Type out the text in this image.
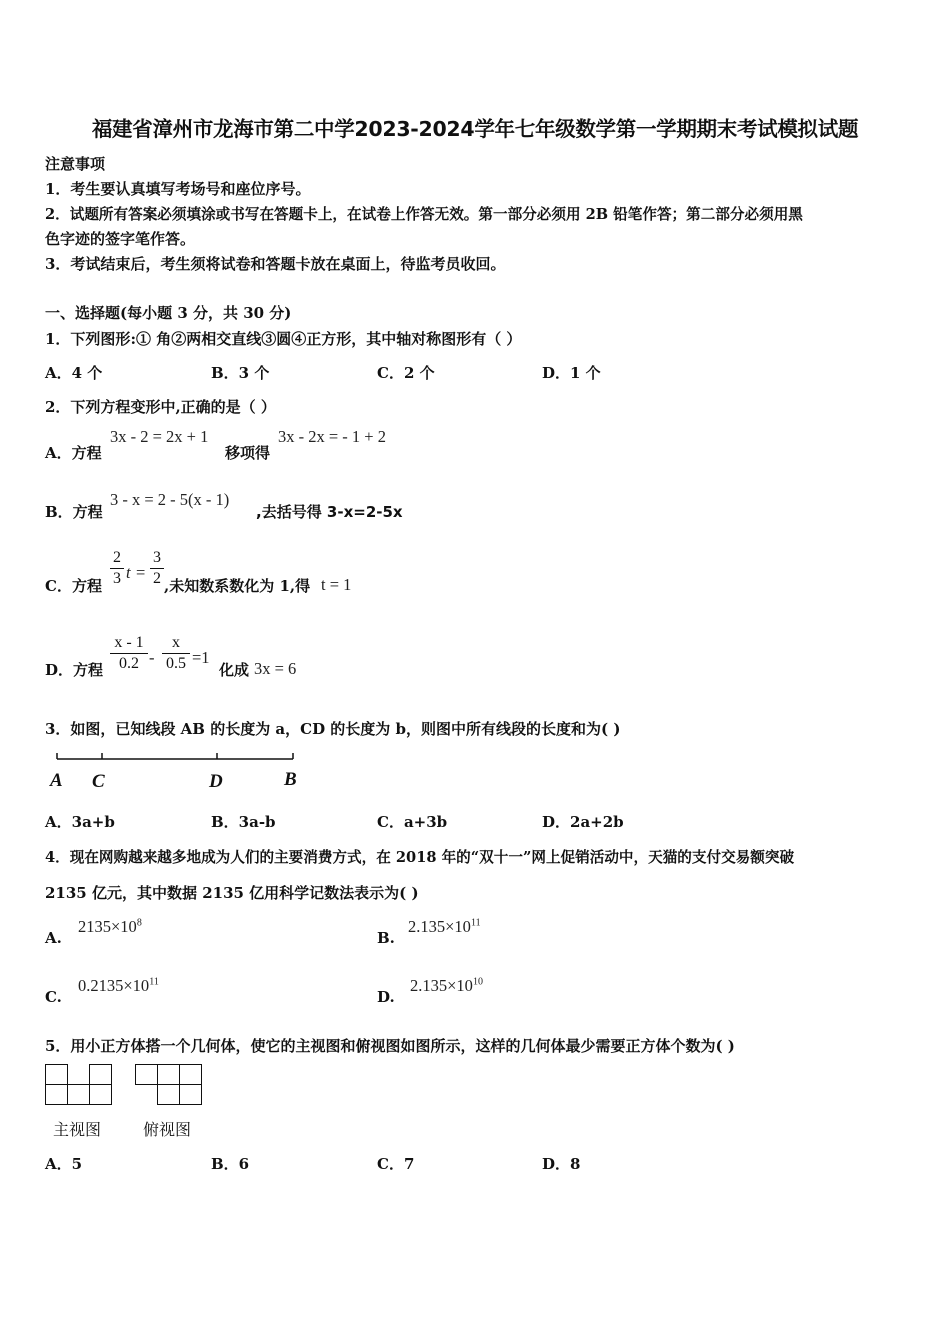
福建省漳州市龙海市第二中学2023-2024学年七年级数学第一学期期末考试模拟试题
注意事项
1．考生要认真填写考场号和座位序号。
2．试题所有答案必须填涂或书写在答题卡上，在试卷上作答无效。第一部分必须用 2B 铅笔作答；第二部分必须用黑
色字迹的签字笔作答。
3．考试结束后，考生须将试卷和答题卡放在桌面上，待监考员收回。
一、选择题(每小题 3 分，共 30 分)
1．下列图形:① 角②两相交直线③圆④正方形，其中轴对称图形有（ ）
A．4 个	B．3 个	C．2 个	D．1 个
2．下列方程变形中,正确的是（ ）
A．方程
3x - 2 = 2x + 1
移项得
3x - 2x = - 1 + 2
B．方程
3 - x = 2 - 5(x - 1)
,去括号得 3-x=2-5x
C．方程
2
3 t =
3
2 ,未知数系数化为 1,得 t = 1
D．方程
x - 1
0.2 -
x
0.5 =1
化成 3x = 6
3．如图，已知线段 AB 的长度为 a，CD 的长度为 b，则图中所有线段的长度和为( )
A C	D	B
A．3a+b	B．3a-b	C．a+3b	D．2a+2b
4．现在网购越来越多地成为人们的主要消费方式，在 2018 年的“双十一”网上促销活动中，天猫的支付交易额突破
2135 亿元，其中数据 2135 亿用科学记数法表示为( )
A.
$2135\times 10^8$
B.
$2.135\times 10^{11}$
C.
$0.2135\times 10^{11}$
D.
$2.135\times 10^{10}$
5．用小正方体搭一个几何体，使它的主视图和俯视图如图所示，这样的几何体最少需要正方体个数为( )

主视图

			俯视图
A．5	B．6	C．7	D．8
